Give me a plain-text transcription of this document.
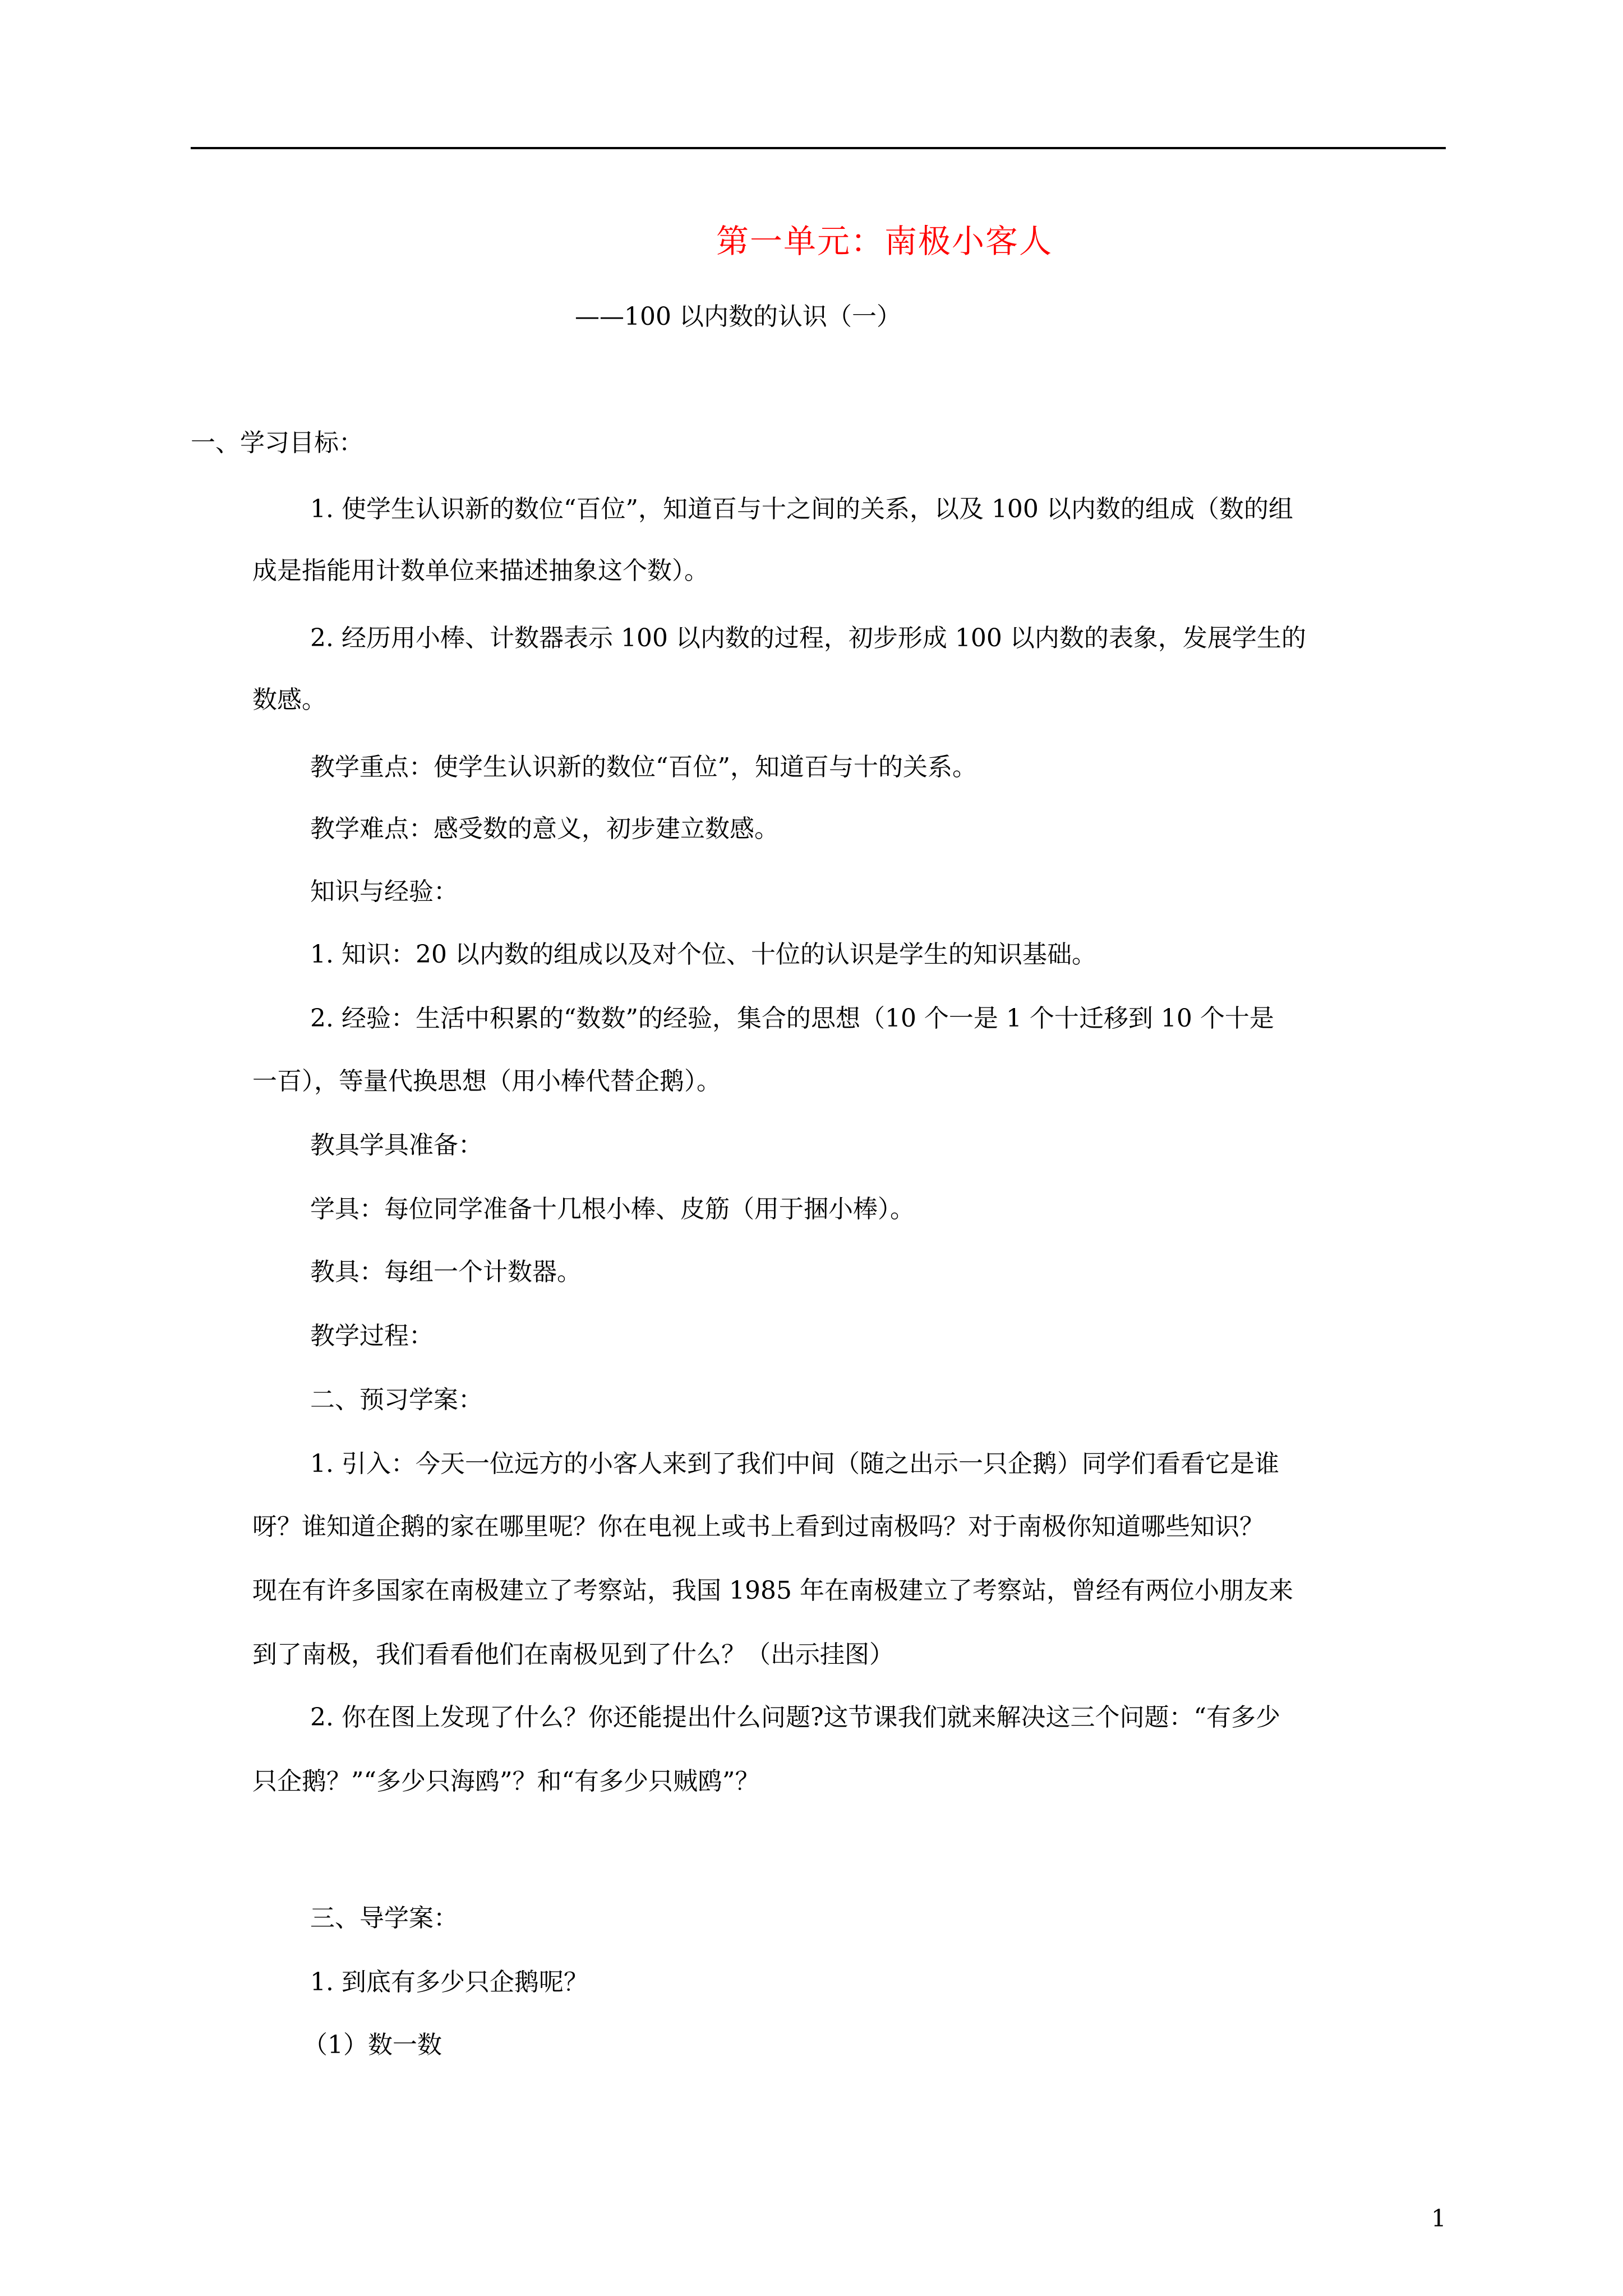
第一单元：南极小客人
——100 以内数的认识（一）
一、学习目标：
1. 使学生认识新的数位“百位”，知道百与十之间的关系，以及 100 以内数的组成（数的组
成是指能用计数单位来描述抽象这个数）。
2. 经历用小棒、计数器表示 100 以内数的过程，初步形成 100 以内数的表象，发展学生的
数感。
教学重点：使学生认识新的数位“百位”，知道百与十的关系。
教学难点：感受数的意义，初步建立数感。
知识与经验：
1. 知识：20 以内数的组成以及对个位、十位的认识是学生的知识基础。
2. 经验：生活中积累的“数数”的经验，集合的思想（10 个一是 1 个十迁移到 10 个十是
一百），等量代换思想（用小棒代替企鹅）。
教具学具准备：
学具：每位同学准备十几根小棒、皮筋（用于捆小棒）。
教具：每组一个计数器。
教学过程：
二、预习学案：
1. 引入：今天一位远方的小客人来到了我们中间（随之出示一只企鹅）同学们看看它是谁
呀？谁知道企鹅的家在哪里呢？你在电视上或书上看到过南极吗？对于南极你知道哪些知识？
现在有许多国家在南极建立了考察站，我国 1985 年在南极建立了考察站，曾经有两位小朋友来
到了南极，我们看看他们在南极见到了什么？（出示挂图）
2. 你在图上发现了什么？你还能提出什么问题?这节课我们就来解决这三个问题：“有多少
只企鹅？”“多少只海鸥”？和“有多少只贼鸥”？
三、导学案：
1. 到底有多少只企鹅呢？
（1）数一数
1
